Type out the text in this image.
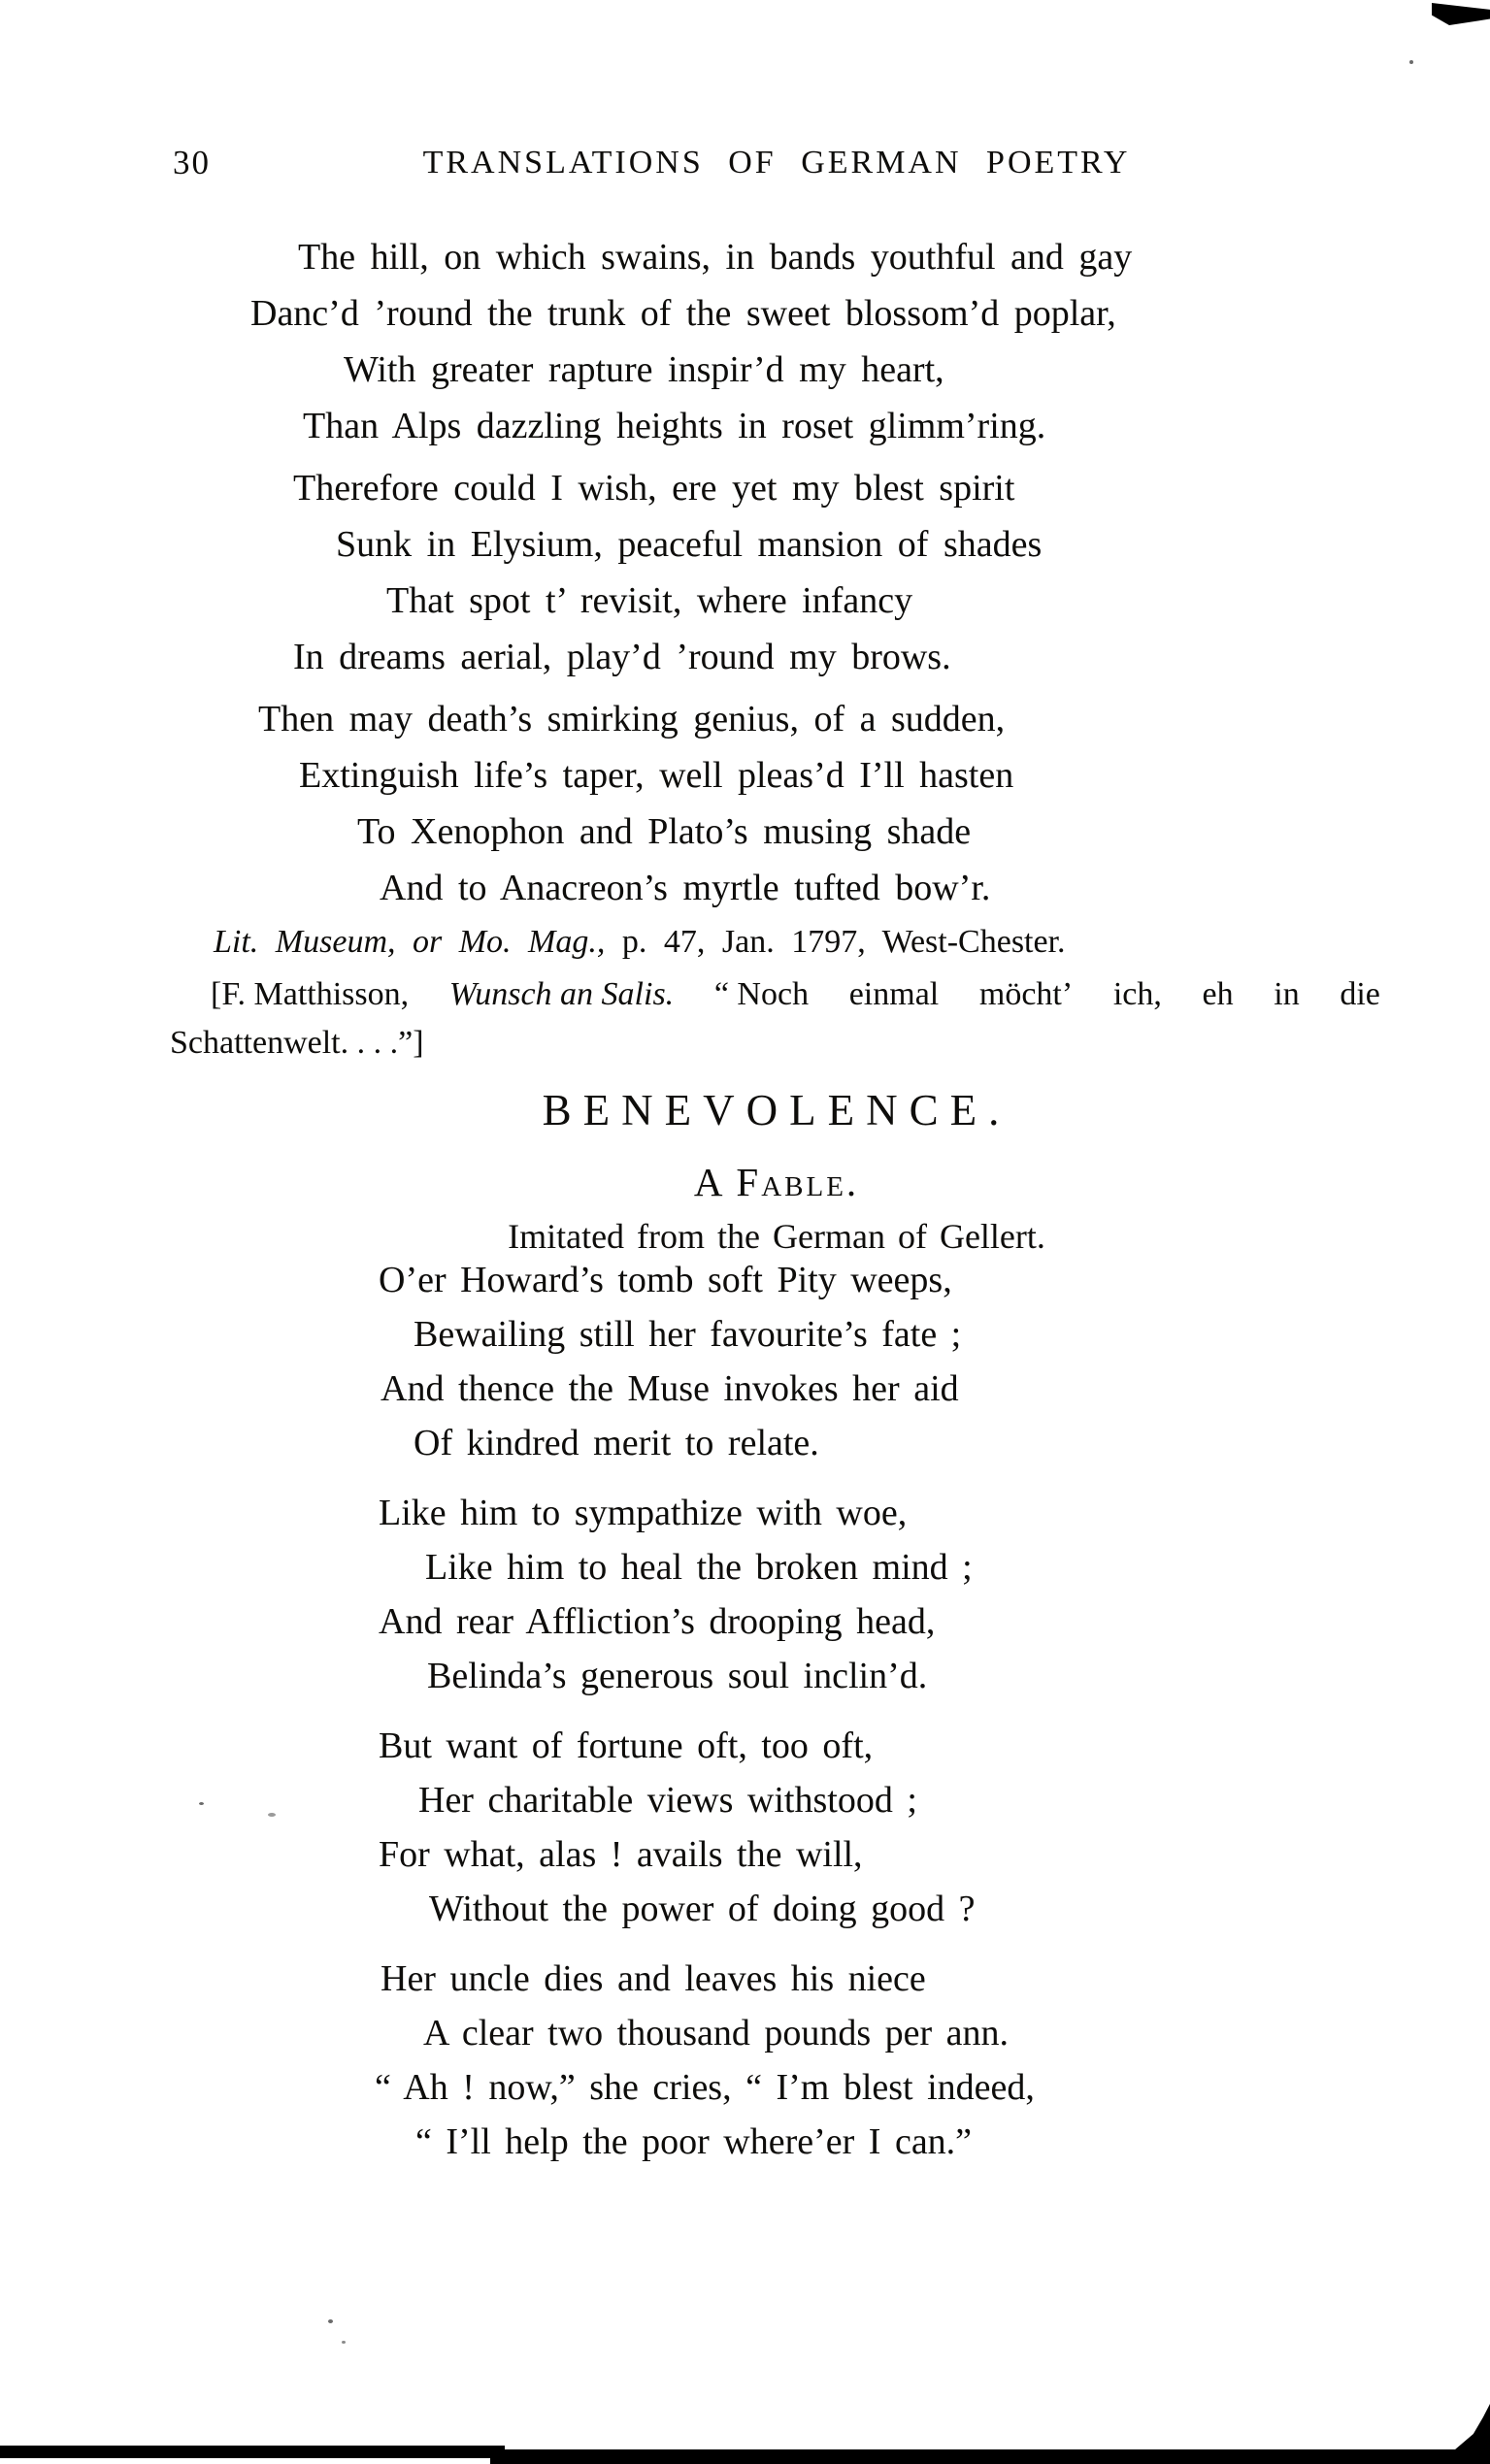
30	TRANSLATIONS OF GERMAN POETRY
The hill, on which swains, in bands youthful and gay
Danc’d ’round the trunk of the sweet blossom’d poplar,
With greater rapture inspir’d my heart,
Than Alps dazzling heights in roset glimm’ring.
Therefore could I wish, ere yet my blest spirit
Sunk in Elysium, peaceful mansion of shades
That spot t’ revisit, where infancy
In dreams aerial, play’d ’round my brows.
Then may death’s smirking genius, of a sudden,
Extinguish life’s taper, well pleas’d I’ll hasten
To Xenophon and Plato’s musing shade
And to Anacreon’s myrtle tufted bow’r.
Lit. Museum, or Mo. Mag., p. 47, Jan. 1797, West-Chester.
[F. Matthisson, Wunsch an Salis. “ Noch einmal möcht’ ich, eh in die
Schattenwelt. . . .”]
BENEVOLENCE.
A Fable.
Imitated from the German of Gellert.
O’er Howard’s tomb soft Pity weeps,
Bewailing still her favourite’s fate ;
And thence the Muse invokes her aid
Of kindred merit to relate.
Like him to sympathize with woe,
Like him to heal the broken mind ;
And rear Affliction’s drooping head,
Belinda’s generous soul inclin’d.
But want of fortune oft, too oft,
Her charitable views withstood ;
For what, alas ! avails the will,
Without the power of doing good ?
Her uncle dies and leaves his niece
A clear two thousand pounds per ann.
“ Ah ! now,” she cries, “ I’m blest indeed,
“ I’ll help the poor where’er I can.”
